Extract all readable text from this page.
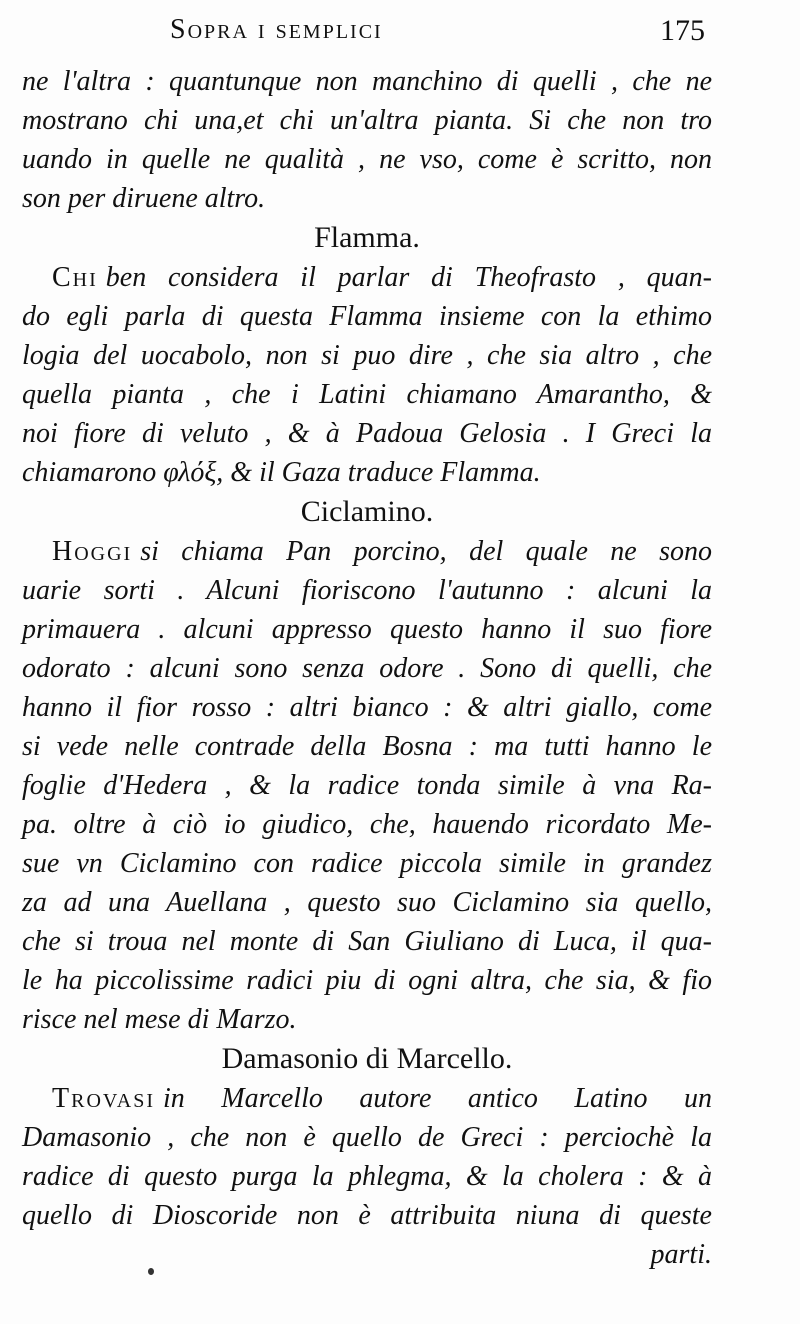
Sopra i semplici	175
ne l'altra : quantunque non manchino di quelli , che ne
mostrano chi una,et chi un'altra pianta. Si che non tro
uando in quelle ne qualità , ne vso, come è scritto, non
son per diruene altro.
Flamma.
Chi ben considera il parlar di Theofrasto , quan-
do egli parla di questa Flamma insieme con la ethimo
logia del uocabolo, non si puo dire , che sia altro , che
quella pianta , che i Latini chiamano Amarantho, &
noi fiore di veluto , & à Padoua Gelosia . I Greci la
chiamarono φλόξ, & il Gaza traduce Flamma.
Ciclamino.
Hoggi si chiama Pan porcino, del quale ne sono
uarie sorti . Alcuni fioriscono l'autunno : alcuni la
primauera . alcuni appresso questo hanno il suo fiore
odorato : alcuni sono senza odore . Sono di quelli, che
hanno il fior rosso : altri bianco : & altri giallo, come
si vede nelle contrade della Bosna : ma tutti hanno le
foglie d'Hedera , & la radice tonda simile à vna Ra-
pa. oltre à ciò io giudico, che, hauendo ricordato Me-
sue vn Ciclamino con radice piccola simile in grandez
za ad una Auellana , questo suo Ciclamino sia quello,
che si troua nel monte di San Giuliano di Luca, il qua-
le ha piccolissime radici piu di ogni altra, che sia, & fio
risce nel mese di Marzo.
Damasonio di Marcello.
Trovasi in Marcello autore antico Latino un
Damasonio , che non è quello de Greci : perciochè la
radice di questo purga la phlegma, & la cholera : & à
quello di Dioscoride non è attribuita niuna di queste
parti.
